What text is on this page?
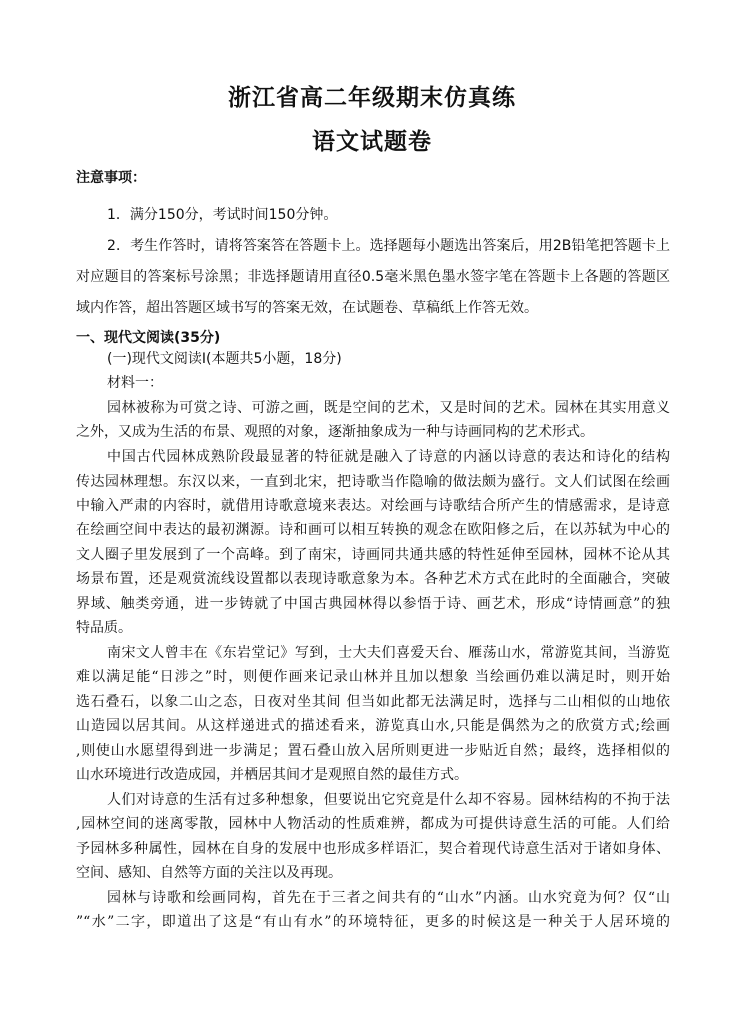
浙江省高二年级期末仿真练
语文试题卷
注意事项：
1．满分150分，考试时间150分钟。
2．考生作答时，请将答案答在答题卡上。选择题每小题选出答案后，用2B铅笔把答题卡上
对应题目的答案标号涂黑；非选择题请用直径0.5毫米黑色墨水签字笔在答题卡上各题的答题区
域内作答，超出答题区域书写的答案无效，在试题卷、草稿纸上作答无效。
一、现代文阅读(35分)
(一)现代文阅读Ⅰ(本题共5小题，18分)
材料一：
园林被称为可赏之诗、可游之画，既是空间的艺术，又是时间的艺术。园林在其实用意义
之外，又成为生活的布景、观照的对象，逐渐抽象成为一种与诗画同构的艺术形式。
中国古代园林成熟阶段最显著的特征就是融入了诗意的内涵以诗意的表达和诗化的结构
传达园林理想。东汉以来，一直到北宋，把诗歌当作隐喻的做法颇为盛行。文人们试图在绘画
中输入严肃的内容时，就借用诗歌意境来表达。对绘画与诗歌结合所产生的情感需求，是诗意
在绘画空间中表达的最初渊源。诗和画可以相互转换的观念在欧阳修之后，在以苏轼为中心的
文人圈子里发展到了一个高峰。到了南宋，诗画同共通共感的特性延伸至园林，园林不论从其
场景布置，还是观赏流线设置都以表现诗歌意象为本。各种艺术方式在此时的全面融合，突破
界域、触类旁通，进一步铸就了中国古典园林得以参悟于诗、画艺术，形成“诗情画意”的独
特品质。
南宋文人曾丰在《东岩堂记》写到，士大夫们喜爱天台、雁荡山水，常游览其间，当游览
难以满足能“日涉之”时，则便作画来记录山林并且加以想象 当绘画仍难以满足时，则开始
选石叠石，以象二山之态，日夜对坐其间 但当如此都无法满足时，选择与二山相似的山地依
山造园以居其间。从这样递进式的描述看来，游览真山水,只能是偶然为之的欣赏方式;绘画
,则使山水愿望得到进一步满足；置石叠山放入居所则更进一步贴近自然；最终，选择相似的
山水环境进行改造成园，并栖居其间才是观照自然的最佳方式。
人们对诗意的生活有过多种想象，但要说出它究竟是什么却不容易。园林结构的不拘于法
,园林空间的迷离零散，园林中人物活动的性质难辨，都成为可提供诗意生活的可能。人们给
予园林多种属性，园林在自身的发展中也形成多样语汇，契合着现代诗意生活对于诸如身体、
空间、感知、自然等方面的关注以及再现。
园林与诗歌和绘画同构，首先在于三者之间共有的“山水”内涵。山水究竟为何？仅“山
”“水”二字，即道出了这是“有山有水”的环境特征，更多的时候这是一种关于人居环境的
